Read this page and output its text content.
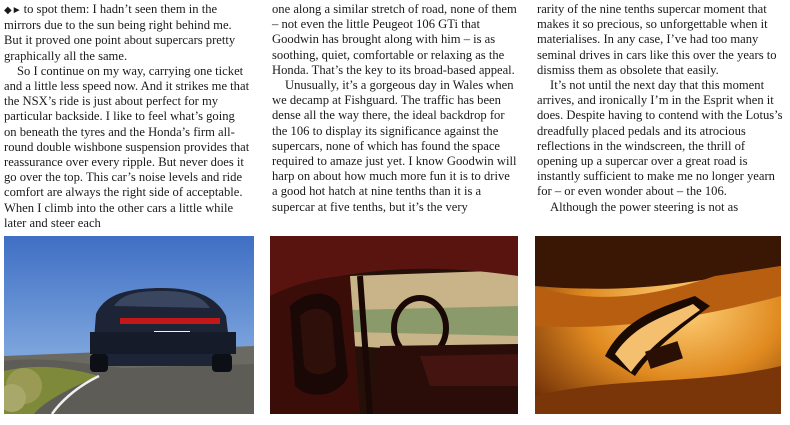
◆► to spot them: I hadn’t seen them in the mirrors due to the sun being right behind me. But it proved one point about supercars pretty graphically all the same.

So I continue on my way, carrying one ticket and a little less speed now. And it strikes me that the NSX’s ride is just about perfect for my particular backside. I like to feel what’s going on beneath the tyres and the Honda’s firm all-round double wishbone suspension provides that reassurance over every ripple. But never does it go over the top. This car’s noise levels and ride comfort are always the right side of acceptable. When I climb into the other cars a little while later and steer each

one along a similar stretch of road, none of them – not even the little Peugeot 106 GTi that Goodwin has brought along with him – is as soothing, quiet, comfortable or relaxing as the Honda. That’s the key to its broad-based appeal.

Unusually, it’s a gorgeous day in Wales when we decamp at Fishguard. The traffic has been dense all the way there, the ideal backdrop for the 106 to display its significance against the supercars, none of which has found the space required to amaze just yet. I know Goodwin will harp on about how much more fun it is to drive a good hot hatch at nine tenths than it is a supercar at five tenths, but it’s the very

rarity of the nine tenths supercar moment that makes it so precious, so unforgettable when it materialises. In any case, I’ve had too many seminal drives in cars like this over the years to dismiss them as obsolete that easily.

It’s not until the next day that this moment arrives, and ironically I’m in the Esprit when it does. Despite having to contend with the Lotus’s dreadfully placed pedals and its atrocious reflections in the windscreen, the thrill of opening up a supercar over a great road is instantly sufficient to make me no longer yearn for – or even wonder about – the 106.

Although the power steering is not as
